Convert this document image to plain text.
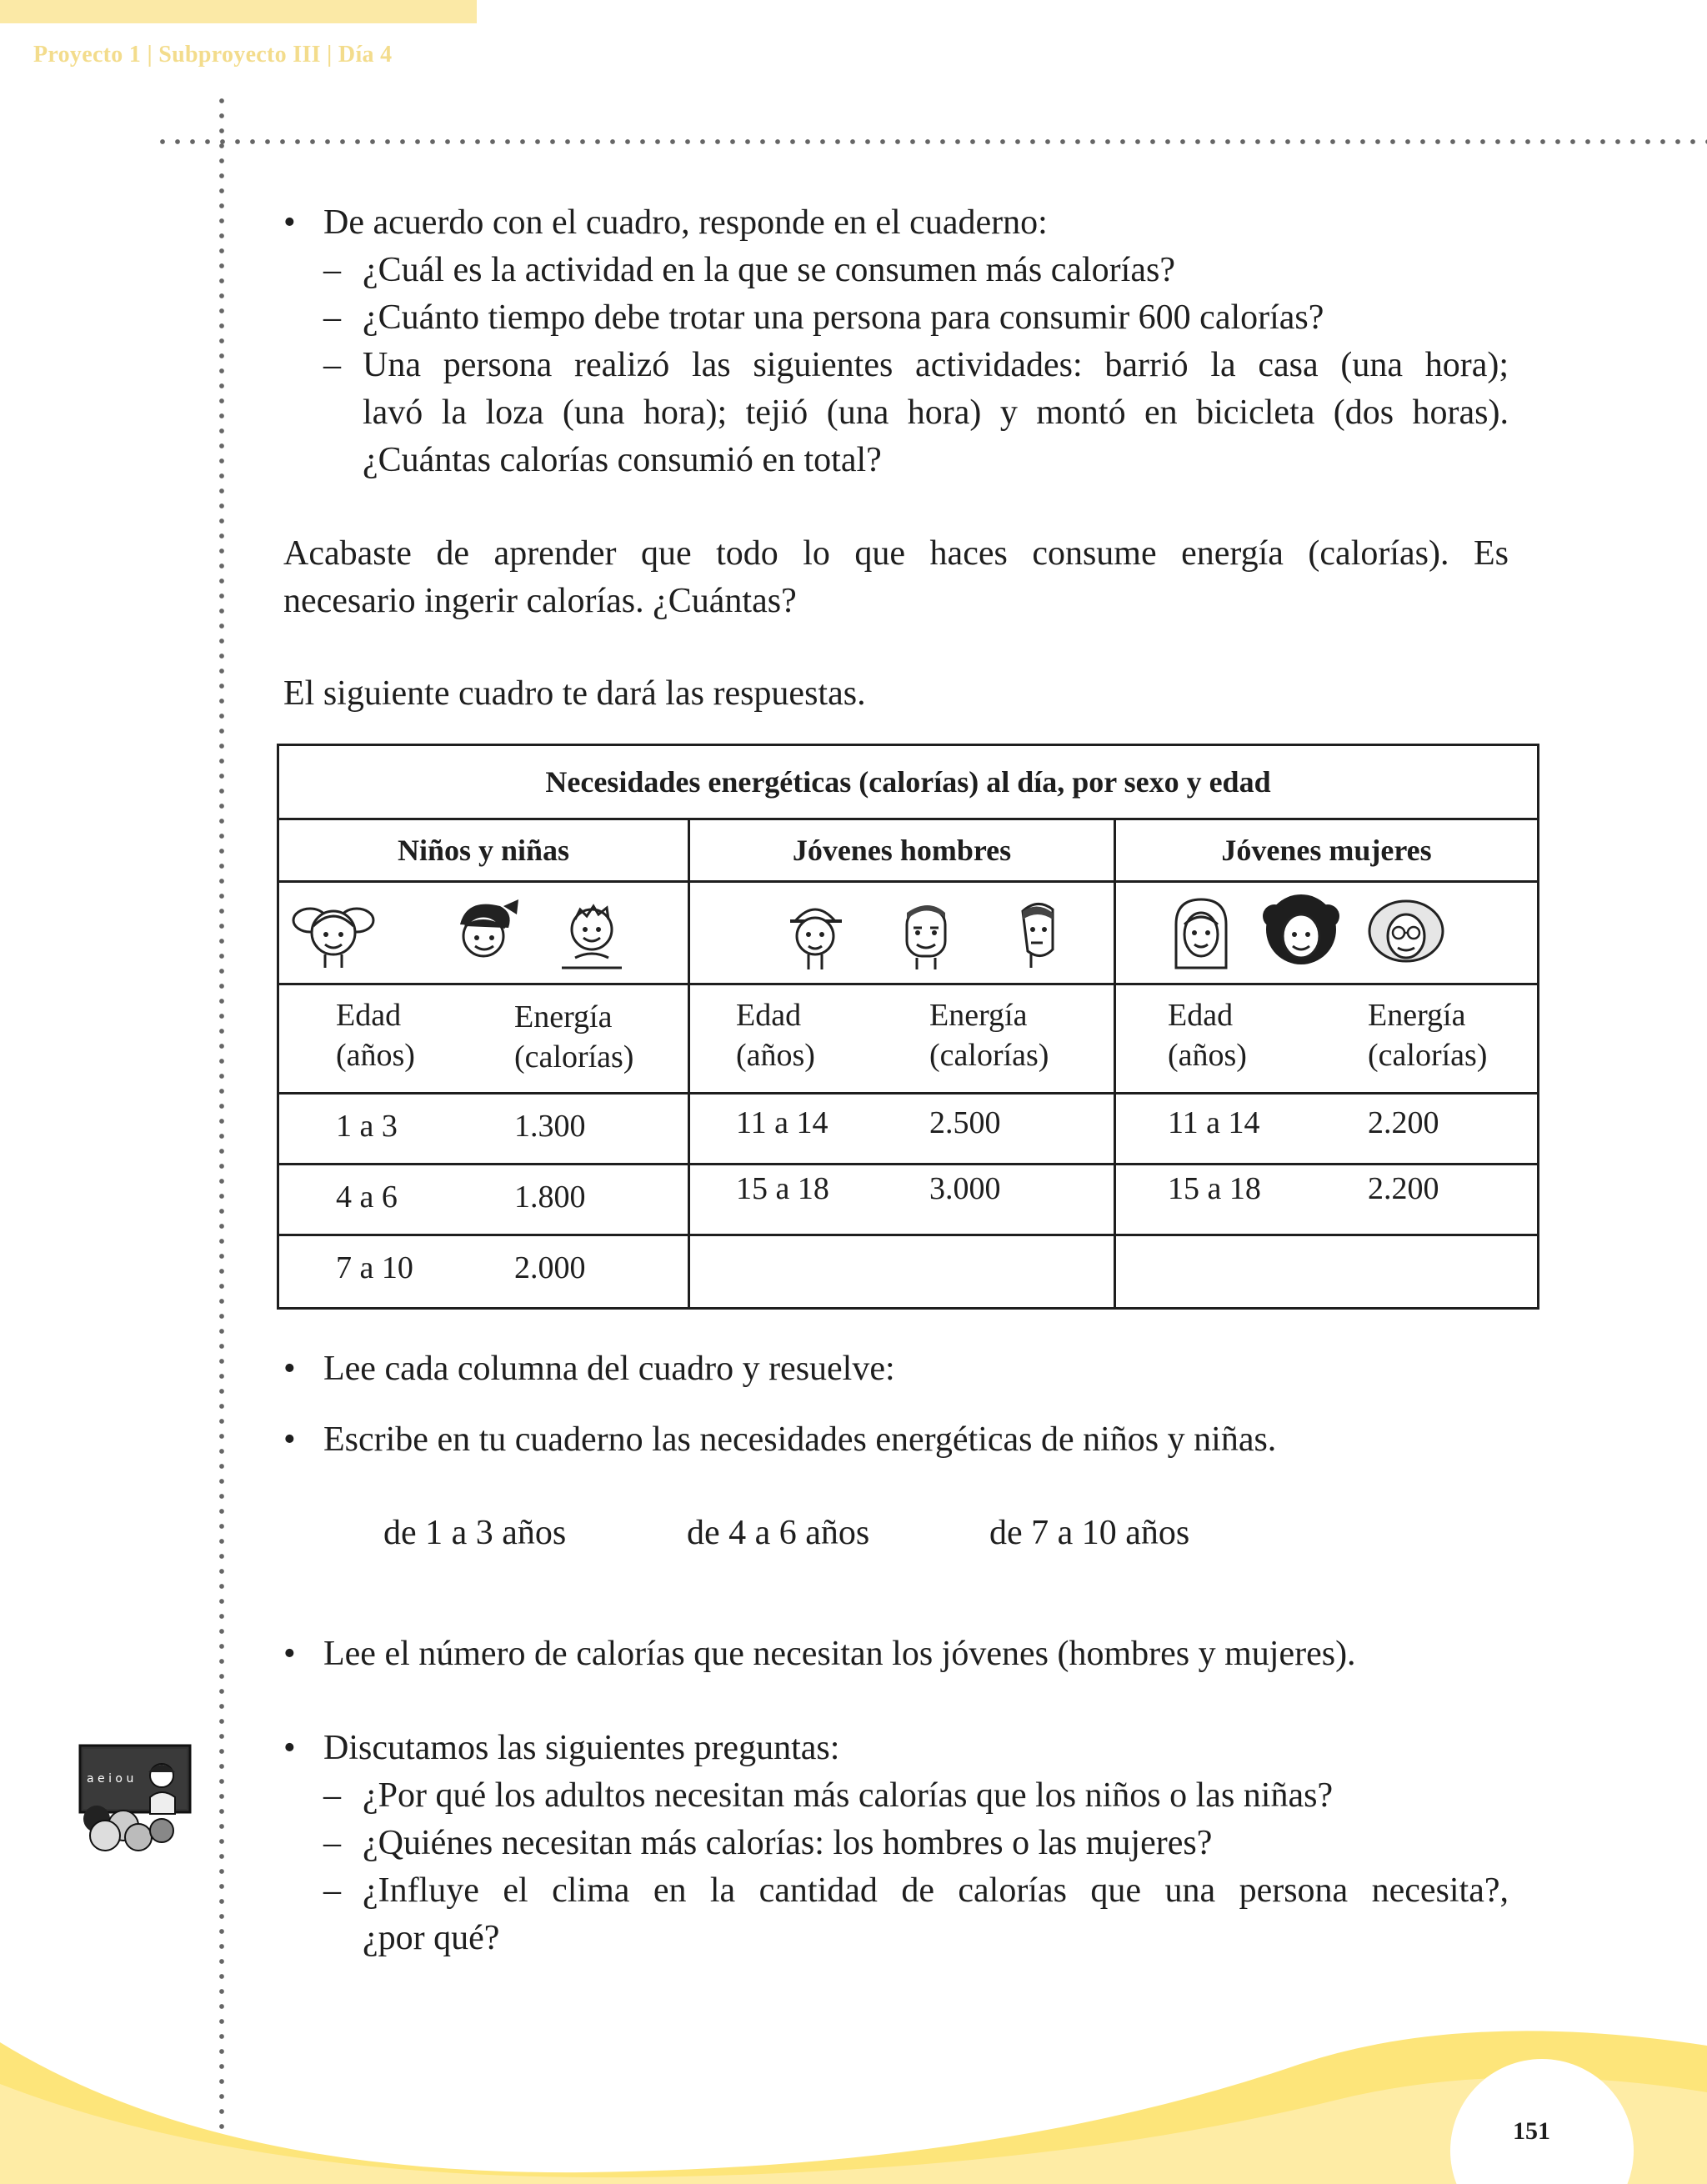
Proyecto 1 | Subproyecto III | Día 4
• De acuerdo con el cuadro, responde en el cuaderno:
– ¿Cuál es la actividad en la que se consumen más calorías?
– ¿Cuánto tiempo debe trotar una persona para consumir 600 calorías?
– Una persona realizó las siguientes actividades: barrió la casa (una hora);
lavó la loza (una hora); tejió (una hora) y montó en bicicleta (dos horas).
¿Cuántas calorías consumió en total?
Acabaste de aprender que todo lo que haces consume energía (calorías). Es
necesario ingerir calorías. ¿Cuántas?
El siguiente cuadro te dará las respuestas.
Necesidades energéticas (calorías) al día, por sexo y edad		
Niños y niñas	Jóvenes hombres	Jóvenes mujeres

Edad
(años)
Energía
(calorías)	Edad
(años)
Energía
(calorías)	Edad
(años)
Energía
(calorías)

1 a 3 1.300	11 a 14 2.500	11 a 14 2.200

4 a 6 1.800	15 a 18 3.000	15 a 18 2.200

7 a 10 2.000		

• Lee cada columna del cuadro y resuelve:
• Escribe en tu cuaderno las necesidades energéticas de niños y niñas.
de 1 a 3 años	de 4 a 6 años	de 7 a 10 años
• Lee el número de calorías que necesitan los jóvenes (hombres y mujeres).
• Discutamos las siguientes preguntas:
– ¿Por qué los adultos necesitan más calorías que los niños o las niñas?
– ¿Quiénes necesitan más calorías: los hombres o las mujeres?
– ¿Influye el clima en la cantidad de calorías que una persona necesita?,
¿por qué?
a e i o u
151
